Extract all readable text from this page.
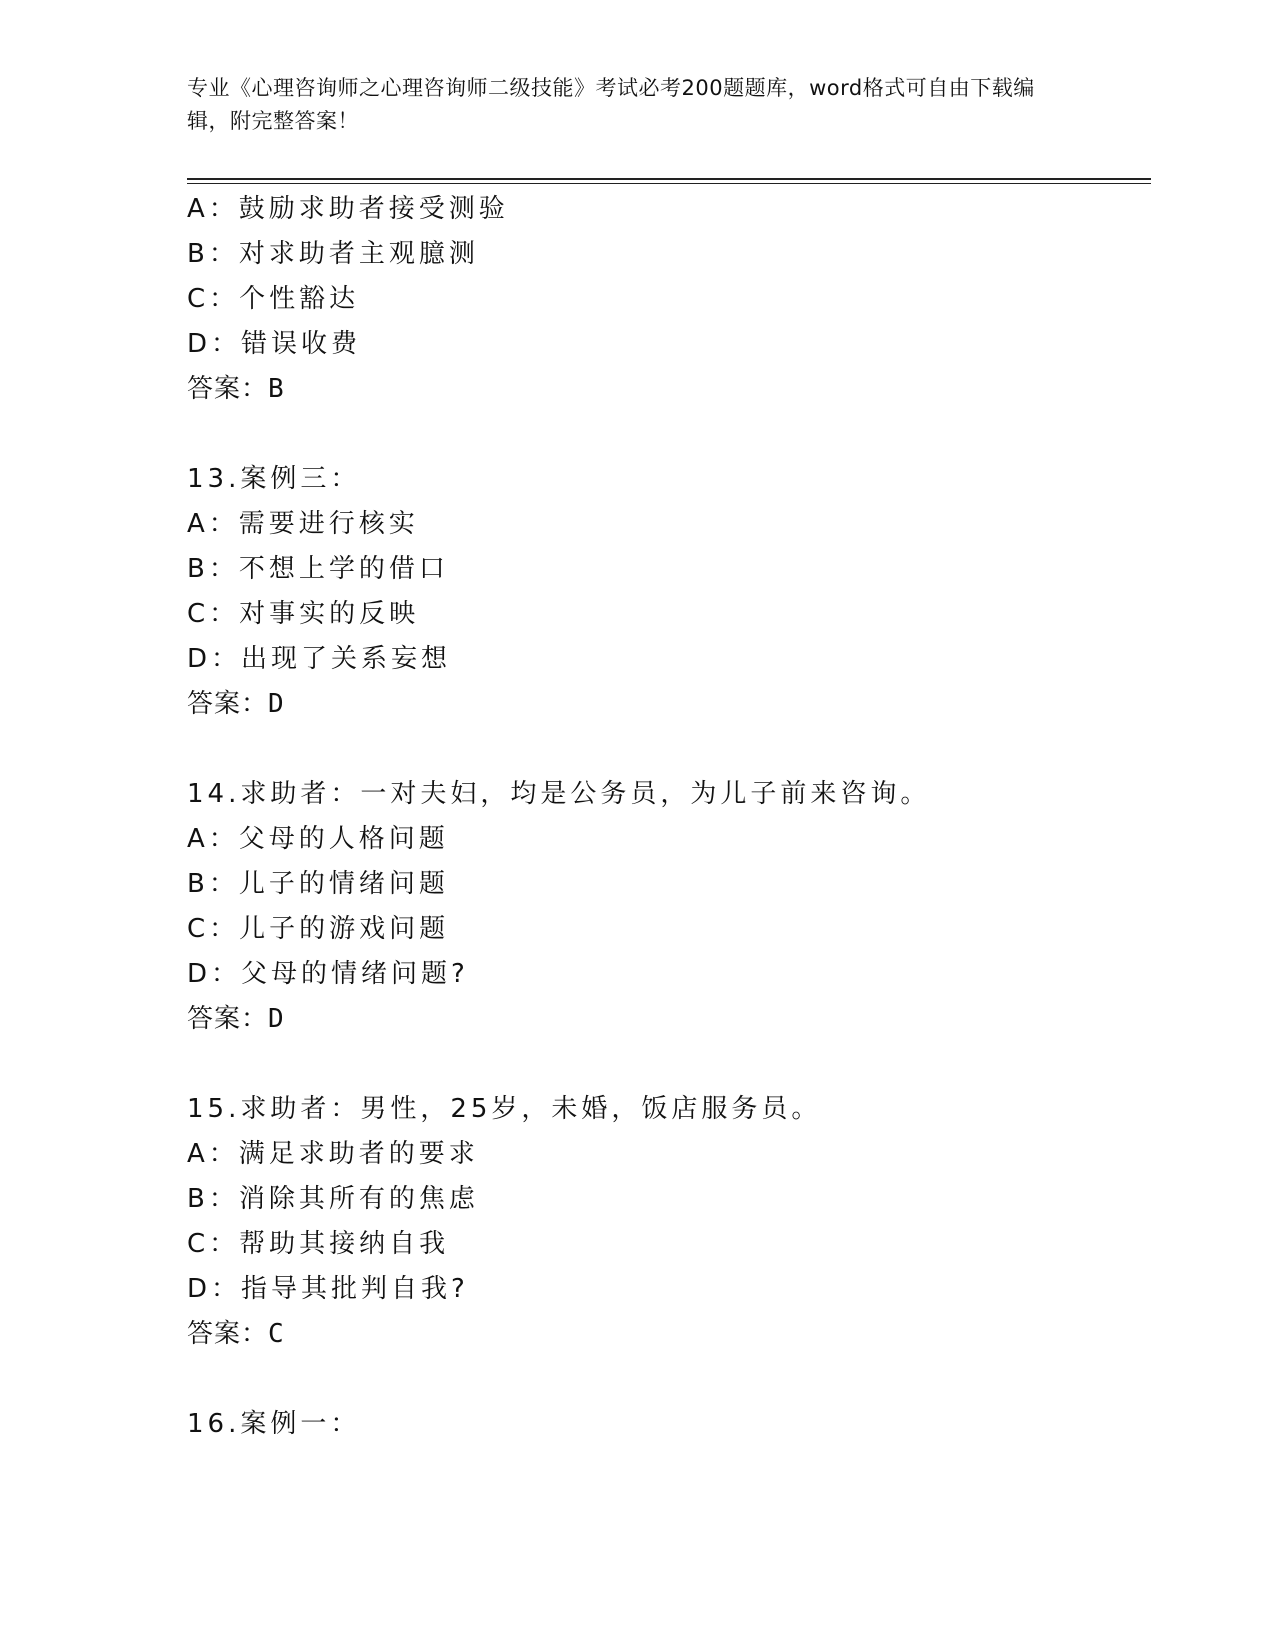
专业《心理咨询师之心理咨询师二级技能》考试必考200题题库，word格式可自由下载编辑，附完整答案！
A：鼓励求助者接受测验
B：对求助者主观臆测
C：个性豁达
D：错误收费
答案：B
13.案例三：
A：需要进行核实
B：不想上学的借口
C：对事实的反映
D：出现了关系妄想
答案：D
14.求助者：一对夫妇，均是公务员，为儿子前来咨询。
A：父母的人格问题
B：儿子的情绪问题
C：儿子的游戏问题
D：父母的情绪问题?
答案：D
15.求助者：男性，25岁，未婚，饭店服务员。
A：满足求助者的要求
B：消除其所有的焦虑
C：帮助其接纳自我
D：指导其批判自我?
答案：C
16.案例一：
